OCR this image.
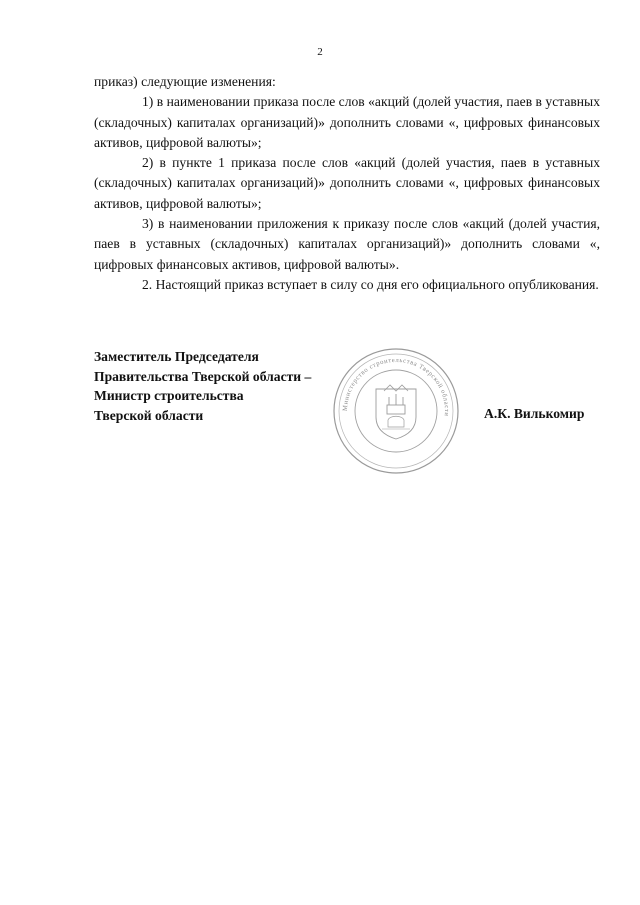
2

приказ) следующие изменения:

1) в наименовании приказа после слов «акций (долей участия, паев в уставных (складочных) капиталах организаций)» дополнить словами «, цифровых финансовых активов, цифровой валюты»;

2) в пункте 1 приказа после слов «акций (долей участия, паев в уставных (складочных) капиталах организаций)» дополнить словами «, цифровых финансовых активов, цифровой валюты»;

3) в наименовании приложения к приказу после слов «акций (долей участия, паев в уставных (складочных) капиталах организаций)» дополнить словами «, цифровых финансовых активов, цифровой валюты».

2. Настоящий приказ вступает в силу со дня его официального опубликования.

Заместитель Председателя
Правительства Тверской области –
Министр строительства
Тверской области	А.К. Вилькомир
Министерство строительства Тверской области
